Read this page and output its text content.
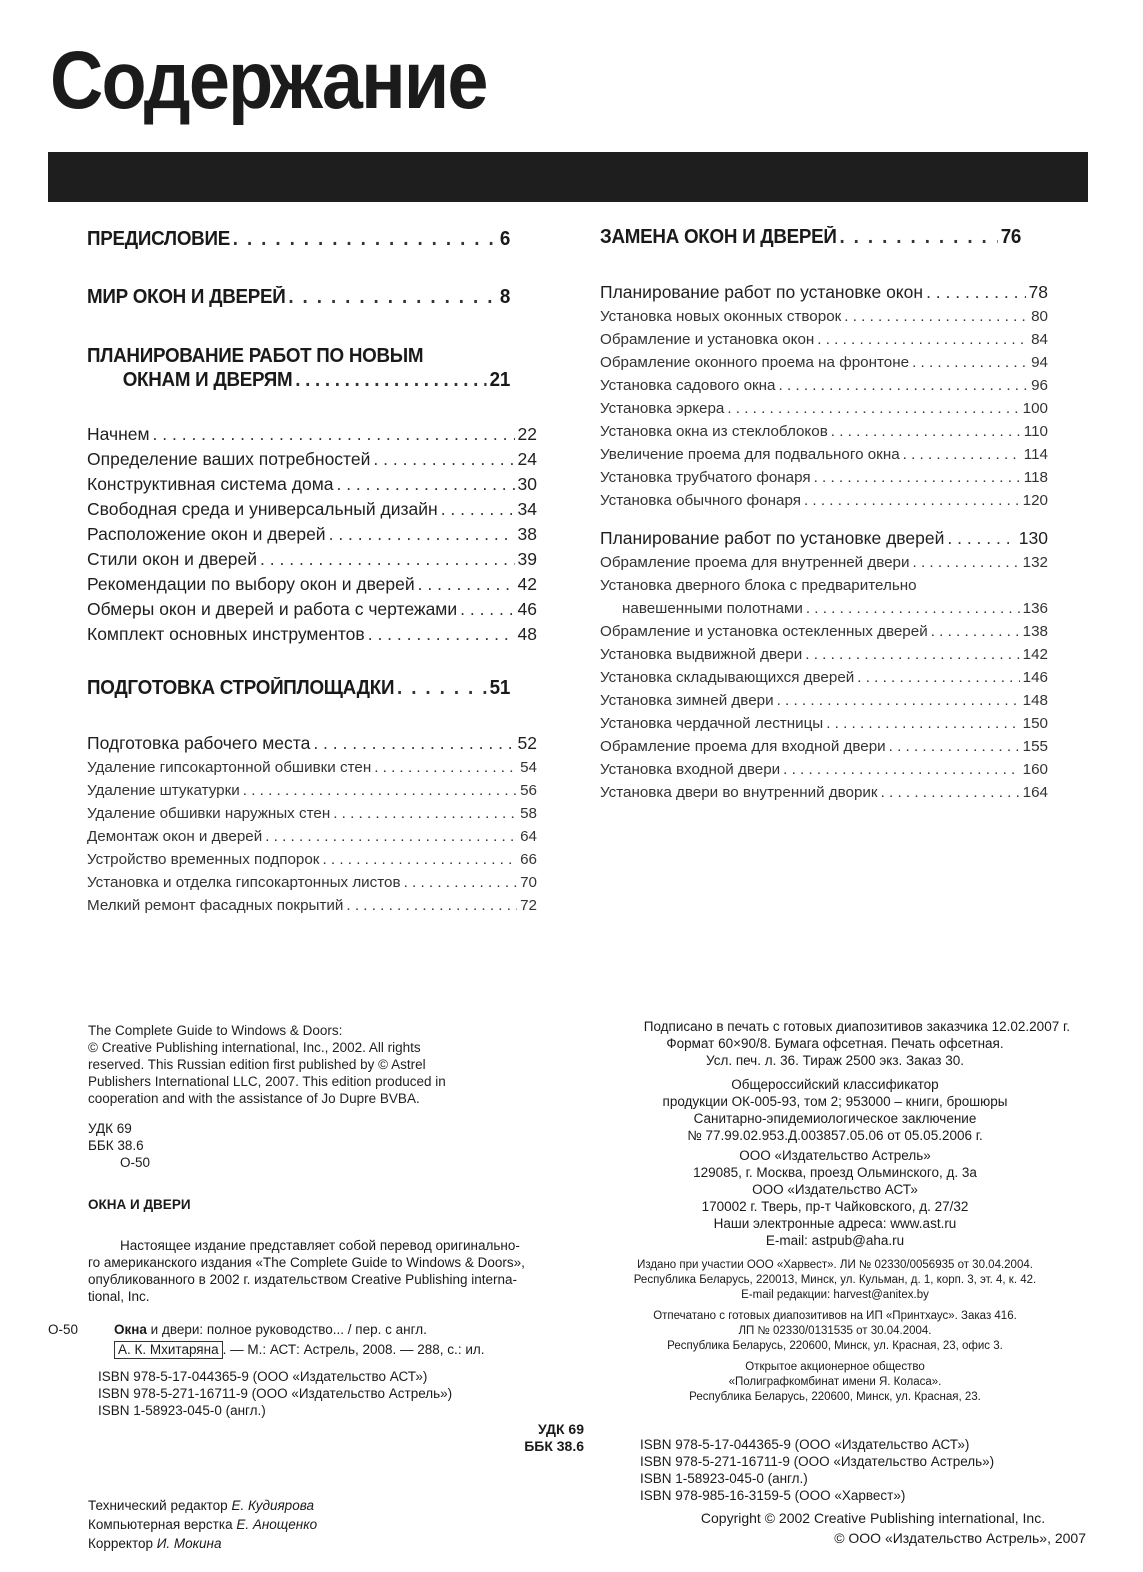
Содержание
ПРЕДИСЛОВИЕ . . .	6
МИР ОКОН И ДВЕРЕЙ . . .	8
ПЛАНИРОВАНИЕ РАБОТ ПО НОВЫМ
ОКНАМ И ДВЕРЯМ . . .	21
Начнем . . .	22
Определение ваших потребностей . . .	24
Конструктивная система дома . . .	30
Свободная среда и универсальный дизайн . . .	34
Расположение окон и дверей . . .	38
Стили окон и дверей . . .	39
Рекомендации по выбору окон и дверей . . .	42
Обмеры окон и дверей и работа с чертежами . . .	46
Комплект основных инструментов . . .	48
ПОДГОТОВКА СТРОЙПЛОЩАДКИ . . .	51
Подготовка рабочего места . . .	52
Удаление гипсокартонной обшивки стен . . .	54
Удаление штукатурки . . .	56
Удаление обшивки наружных стен . . .	58
Демонтаж окон и дверей . . .	64
Устройство временных подпорок . . .	66
Установка и отделка гипсокартонных листов . . .	70
Мелкий ремонт фасадных покрытий . . .	72
ЗАМЕНА ОКОН И ДВЕРЕЙ . . .	76
Планирование работ по установке окон . . .	78
Установка новых оконных створок . . .	80
Обрамление и установка окон . . .	84
Обрамление оконного проема на фронтоне . . .	94
Установка садового окна . . .	96
Установка эркера . . .	100
Установка окна из стеклоблоков . . .	110
Увеличение проема для подвального окна . . .	114
Установка трубчатого фонаря . . .	118
Установка обычного фонаря . . .	120
Планирование работ по установке дверей . . .	130
Обрамление проема для внутренней двери . . .	132
Установка дверного блока с предварительно
навешенными полотнами . . .	136
Обрамление и установка остекленных дверей . . .	138
Установка выдвижной двери . . .	142
Установка складывающихся дверей . . .	146
Установка зимней двери . . .	148
Установка чердачной лестницы . . .	150
Обрамление проема для входной двери . . .	155
Установка входной двери . . .	160
Установка двери во внутренний дворик . . .	164
The Complete Guide to Windows & Doors:
© Creative Publishing international, Inc., 2002. All rights
reserved. This Russian edition first published by © Astrel
Publishers International LLC, 2007. This edition produced in
cooperation and with the assistance of Jo Dupre BVBA.
УДК 69
ББК 38.6
О-50
ОКНА И ДВЕРИ
Настоящее издание представляет собой перевод оригинально-
го американского издания «The Complete Guide to Windows & Doors»,
опубликованного в 2002 г. издательством Creative Publishing interna-
tional, Inc.
О-50	Окна и двери: полное руководство... / пер. с англ.
А. К. Мхитаряна . — М.: АСТ: Астрель, 2008. — 288, с.: ил.
ISBN 978-5-17-044365-9 (ООО «Издательство АСТ»)
ISBN 978-5-271-16711-9 (ООО «Издательство Астрель»)
ISBN 1-58923-045-0 (англ.)
УДК 69
ББК 38.6
Технический редактор Е. Кудиярова
Компьютерная верстка Е. Анощенко
Корректор И. Мокина
Подписано в печать с готовых диапозитивов заказчика 12.02.2007 г.
Формат 60×90/8. Бумага офсетная. Печать офсетная.
Усл. печ. л. 36. Тираж 2500 экз. Заказ 30.
Общероссийский классификатор
продукции ОК-005-93, том 2; 953000 – книги, брошюры
Санитарно-эпидемиологическое заключение
№ 77.99.02.953.Д.003857.05.06 от 05.05.2006 г.
ООО «Издательство Астрель»
129085, г. Москва, проезд Ольминского, д. 3а
ООО «Издательство АСТ»
170002 г. Тверь, пр-т Чайковского, д. 27/32
Наши электронные адреса: www.ast.ru
E-mail: astpub@aha.ru
Издано при участии ООО «Харвест». ЛИ № 02330/0056935 от 30.04.2004.
Республика Беларусь, 220013, Минск, ул. Кульман, д. 1, корп. 3, эт. 4, к. 42.
E-mail редакции: harvest@anitex.by
Отпечатано с готовых диапозитивов на ИП «Принтхаус». Заказ 416.
ЛП № 02330/0131535 от 30.04.2004.
Республика Беларусь, 220600, Минск, ул. Красная, 23, офис 3.
Открытое акционерное общество
«Полиграфкомбинат имени Я. Коласа».
Республика Беларусь, 220600, Минск, ул. Красная, 23.
ISBN 978-5-17-044365-9 (ООО «Издательство АСТ»)
ISBN 978-5-271-16711-9 (ООО «Издательство Астрель»)
ISBN 1-58923-045-0 (англ.)
ISBN 978-985-16-3159-5 (ООО «Харвест»)
Copyright © 2002 Creative Publishing international, Inc.
© ООО «Издательство Астрель», 2007
